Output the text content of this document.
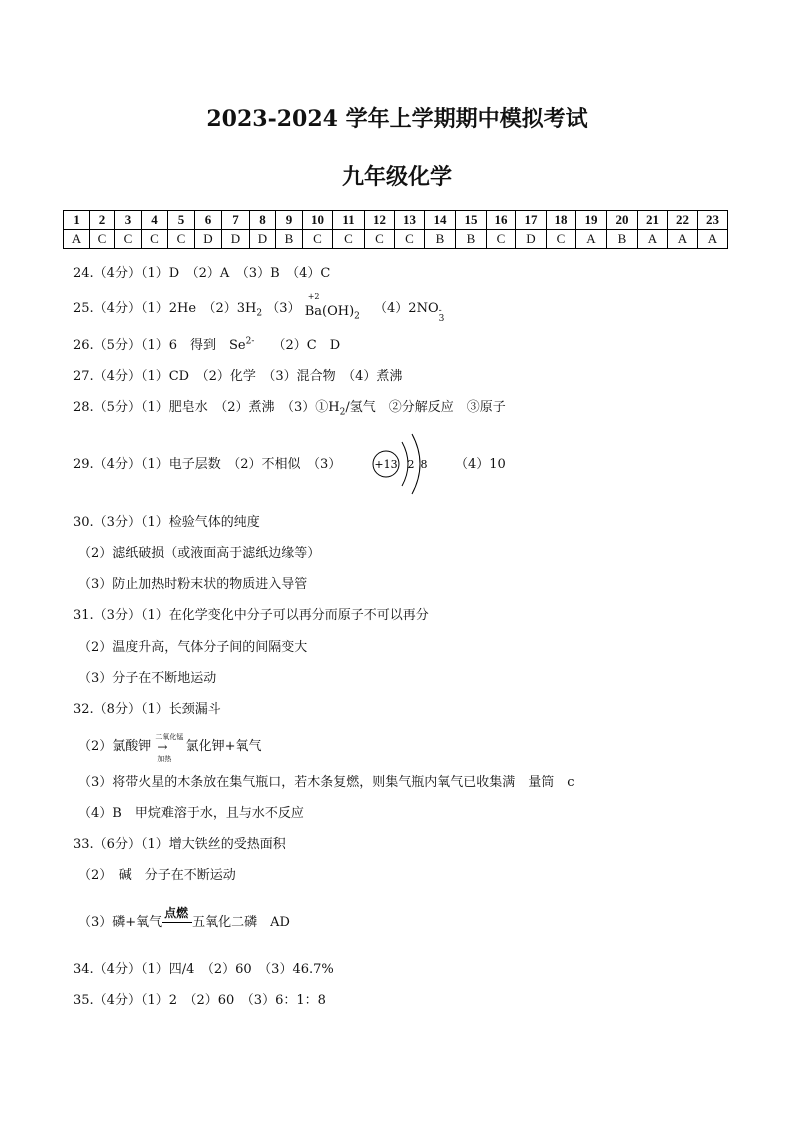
2023-2024 学年上学期期中模拟考试
九年级化学
1	2	3	4	5	6	7	8	9	10	11	12	13	14	15	16	17	18	19	20	21	22	23
A	C	C	C	C	D	D	D	B	C	C	C	C	B	B	C	D	C	A	B	A	A	A
24.（4分）（1）D　（2）A　（3）B　（4）C
25.（4分）（1）2He　$(2)3H_2$ （3）
+2
$Ba(OH)_2$ （4）2NO -
3
26.（5分）（1）6　得到　$Se^{2-}$ （2）C　D
27.（4分）（1）CD　（2）化学　（3）混合物　（4）煮沸
28.（5分）（1）肥皂水　（2）煮沸　$(3)①H_2/$氢气　②分解反应　③原子
29.（4分）（1）电子层数　（2）不相似　（3）	+13 2 8 （4）10
30.（3分）（1）检验气体的纯度
（2）滤纸破损（或液面高于滤纸边缘等）
（3）防止加热时粉末状的物质进入导管
31.（3分）（1）在化学变化中分子可以再分而原子不可以再分
（2）温度升高，气体分子间的间隔变大
（3）分子在不断地运动
32.（8分）（1）长颈漏斗
（2）氯酸钾
二氧化锰
→
加热
氯化钾+氧气
（3）将带火星的木条放在集气瓶口，若木条复燃，则集气瓶内氧气已收集满　量筒　c
（4）B　甲烷难溶于水，且与水不反应
33.（6分）（1）增大铁丝的受热面积
（2）　碱　分子在不断运动
（3）磷+氧气
点燃
五氧化二磷　AD
34.（4分）（1）四/4　（2）60　（3）46.7%
35.（4分）（1）2　（2）60　（3）6：1：8
